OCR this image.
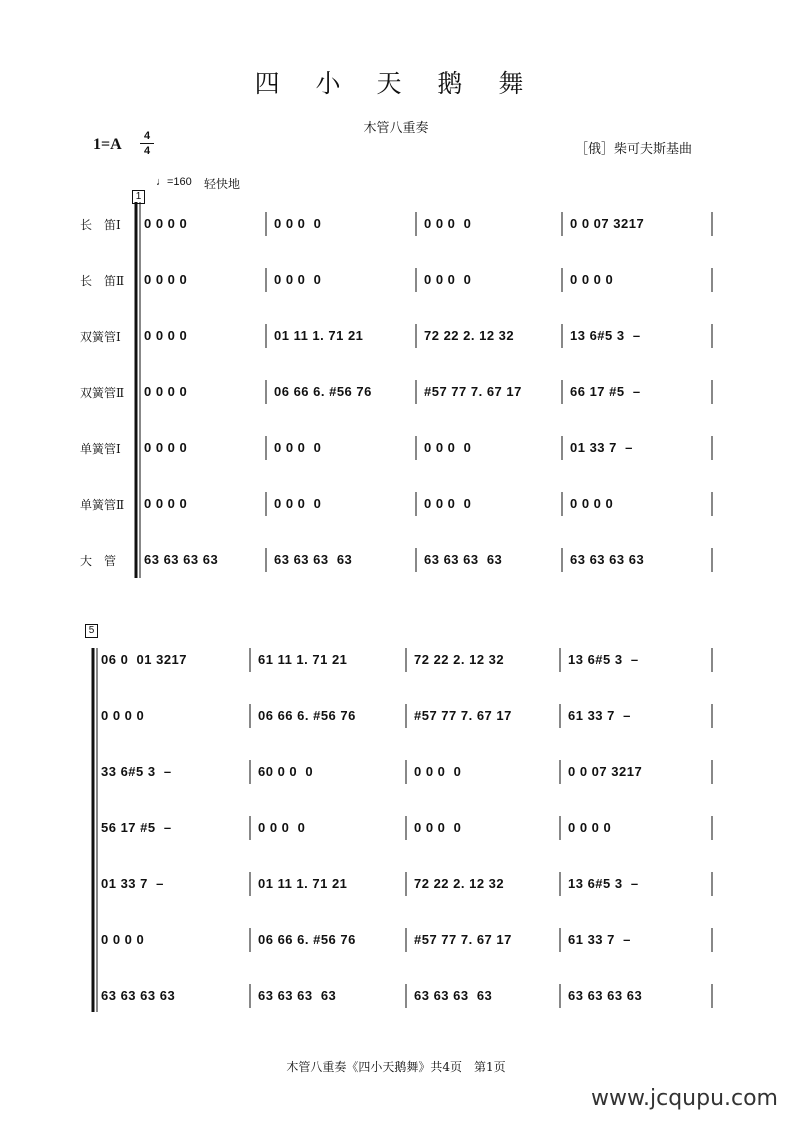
四 小 天 鹅 舞
木管八重奏
1=A	4
4	［俄］柴可夫斯基曲
♩=160 轻快地
1
5
长　笛Ⅰ	0 0 0 0	0 0 0  0	0 0 0  0	0 0 07 3217
长　笛Ⅱ	0 0 0 0	0 0 0  0	0 0 0  0	0 0 0 0
双簧管Ⅰ	0 0 0 0	01 11 1. 71 21	72 22 2. 12 32	13 6#5 3  –
双簧管Ⅱ	0 0 0 0	06 66 6. #56 76	#57 77 7. 67 17	66 17 #5  –
单簧管Ⅰ	0 0 0 0	0 0 0  0	0 0 0  0	01 33 7  –
单簧管Ⅱ	0 0 0 0	0 0 0  0	0 0 0  0	0 0 0 0
大　管	63 63 63 63	63 63 63  63	63 63 63  63	63 63 63 63
06 0  01 3217	61 11 1. 71 21	72 22 2. 12 32	13 6#5 3  –
0 0 0 0	06 66 6. #56 76	#57 77 7. 67 17	61 33 7  –
33 6#5 3  –	60 0 0  0	0 0 0  0	0 0 07 3217
56 17 #5  –	0 0 0  0	0 0 0  0	0 0 0 0
01 33 7  –	01 11 1. 71 21	72 22 2. 12 32	13 6#5 3  –
0 0 0 0	06 66 6. #56 76	#57 77 7. 67 17	61 33 7  –
63 63 63 63	63 63 63  63	63 63 63  63	63 63 63 63
木管八重奏《四小天鹅舞》共4页　第1页
www.jcqupu.com
